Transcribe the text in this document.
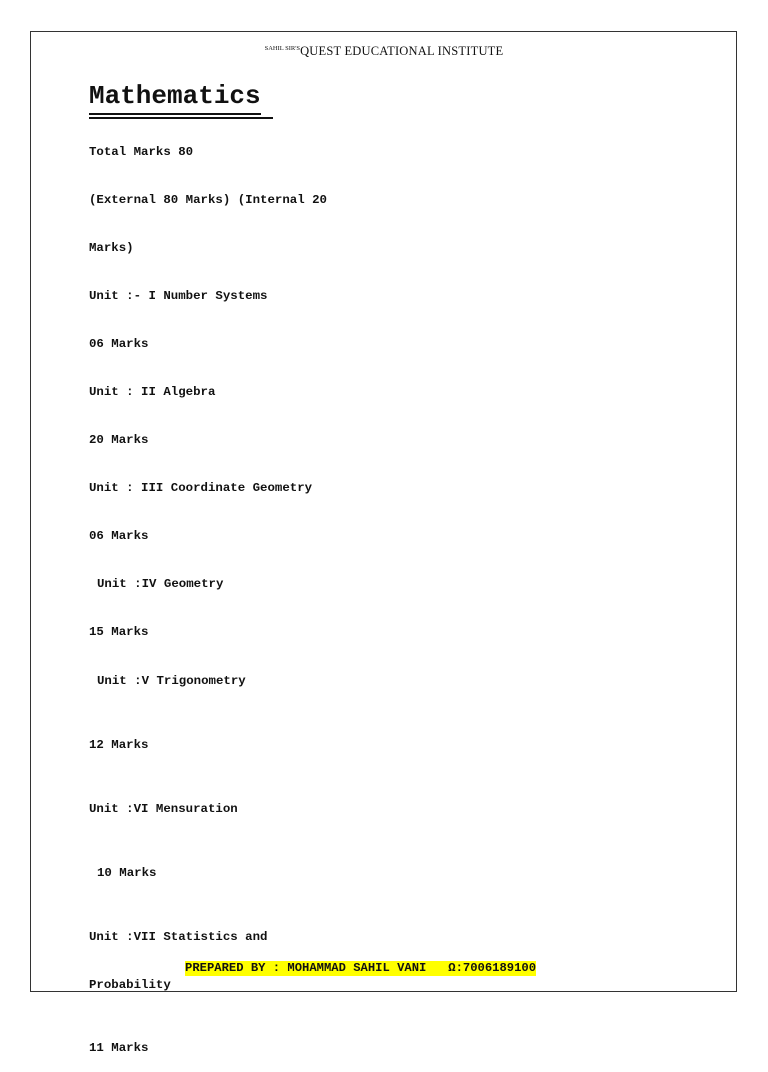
$^{SAHIL SIR'S}$QUEST EDUCATIONAL INSTITUTE
Mathematics

Total Marks 80

(External 80 Marks) (Internal 20

Marks)

Unit :- I Number Systems

06 Marks

Unit : II Algebra

20 Marks

Unit : III Coordinate Geometry

06 Marks

Unit :IV Geometry

15 Marks

Unit :V Trigonometry

12 Marks

Unit :VI Mensuration

10 Marks

Unit :VII Statistics and

Probability

11 Marks

PREPARED BY : MOHAMMAD SAHIL VANI   Ω:7006189100
